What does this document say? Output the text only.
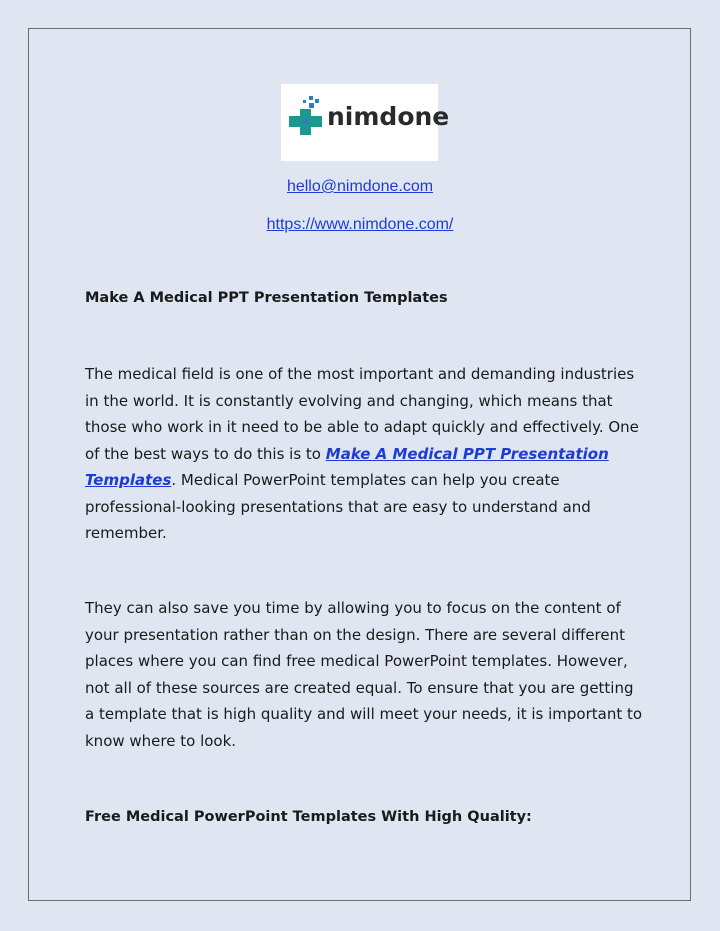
nimdone
hello@nimdone.com
https://www.nimdone.com/
Make A Medical PPT Presentation Templates
The medical field is one of the most important and demanding industries in the world. It is constantly evolving and changing, which means that those who work in it need to be able to adapt quickly and effectively. One of the best ways to do this is to Make A Medical PPT Presentation Templates. Medical PowerPoint templates can help you create professional-looking presentations that are easy to understand and remember.
They can also save you time by allowing you to focus on the content of your presentation rather than on the design. There are several different places where you can find free medical PowerPoint templates. However, not all of these sources are created equal. To ensure that you are getting a template that is high quality and will meet your needs, it is important to know where to look.
Free Medical PowerPoint Templates With High Quality:
